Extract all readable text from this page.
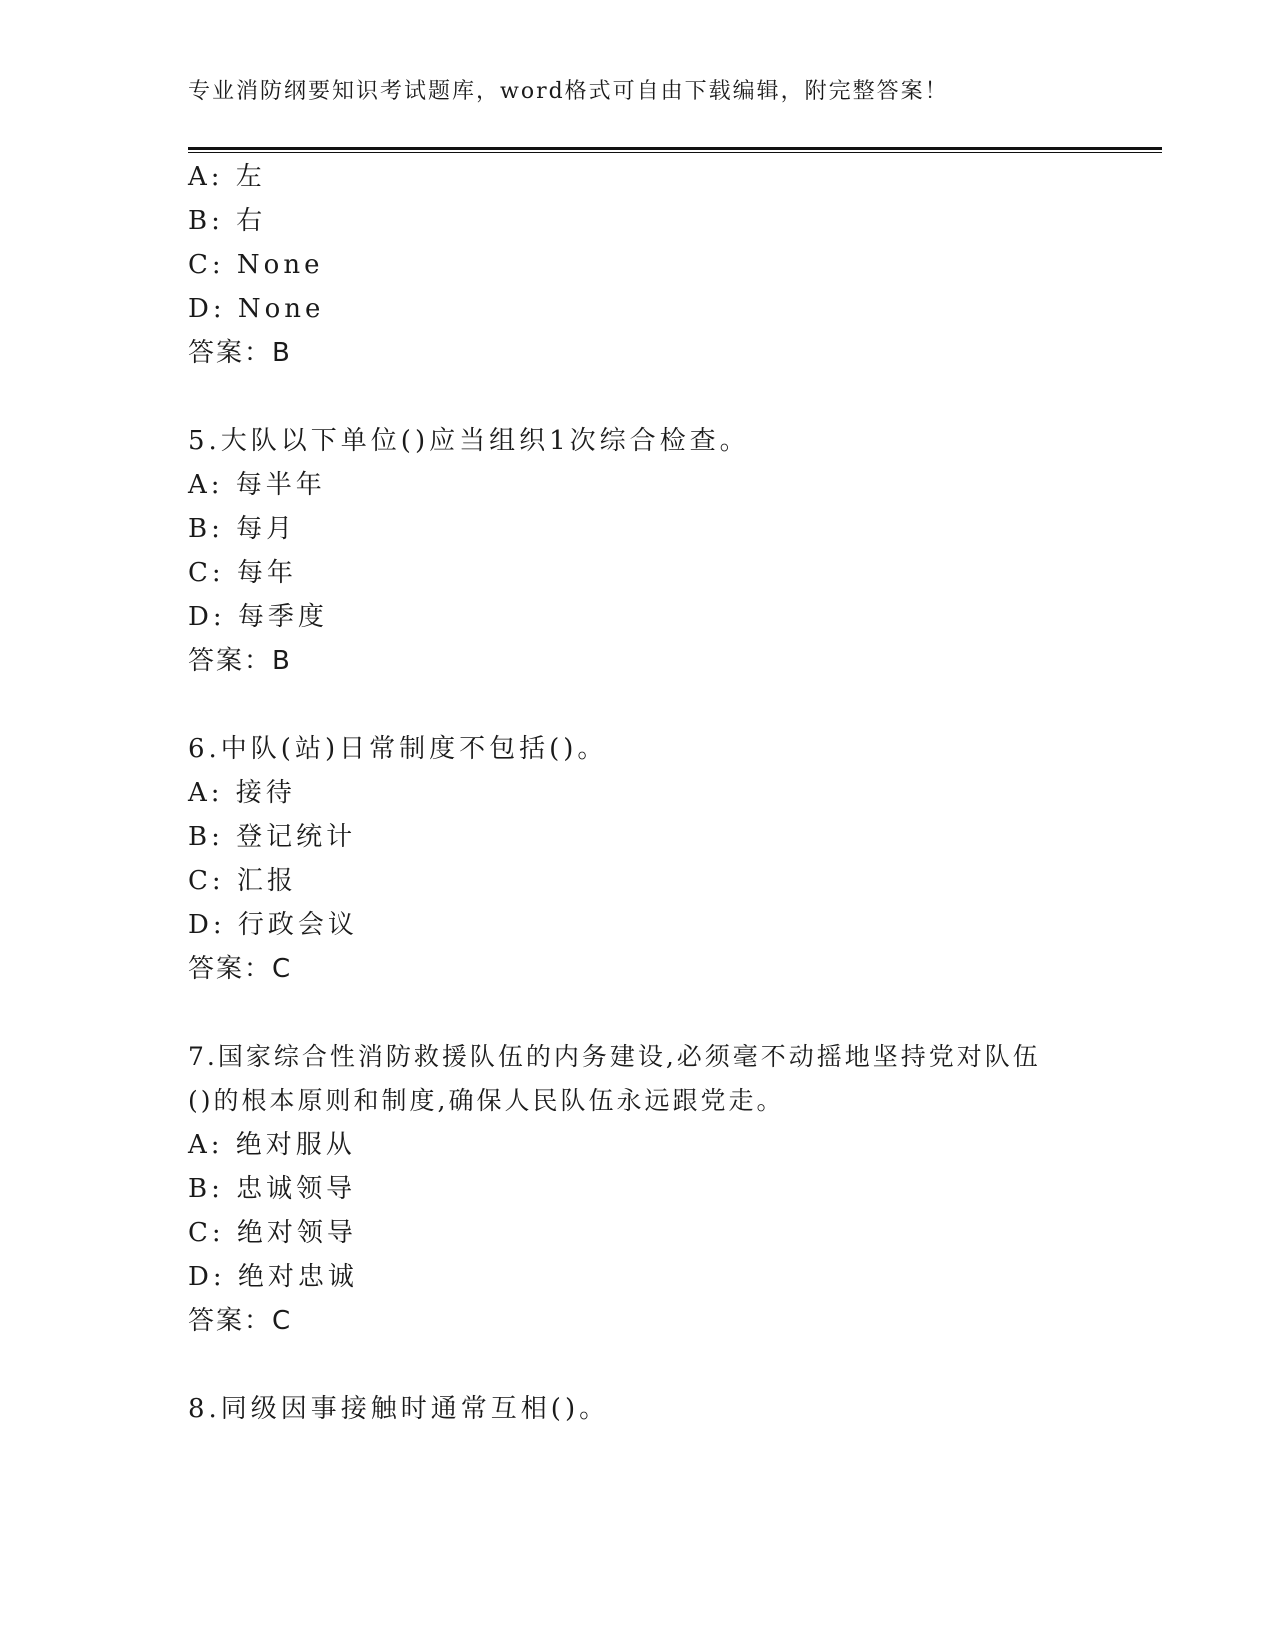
专业消防纲要知识考试题库，word格式可自由下载编辑，附完整答案！
A: 左
B: 右
C: None
D: None
答案：B
5.大队以下单位()应当组织1次综合检查。
A: 每半年
B: 每月
C: 每年
D: 每季度
答案：B
6.中队(站)日常制度不包括()。
A: 接待
B: 登记统计
C: 汇报
D: 行政会议
答案：C
7.国家综合性消防救援队伍的内务建设,必须毫不动摇地坚持党对队伍
()的根本原则和制度,确保人民队伍永远跟党走。
A: 绝对服从
B: 忠诚领导
C: 绝对领导
D: 绝对忠诚
答案：C
8.同级因事接触时通常互相()。
